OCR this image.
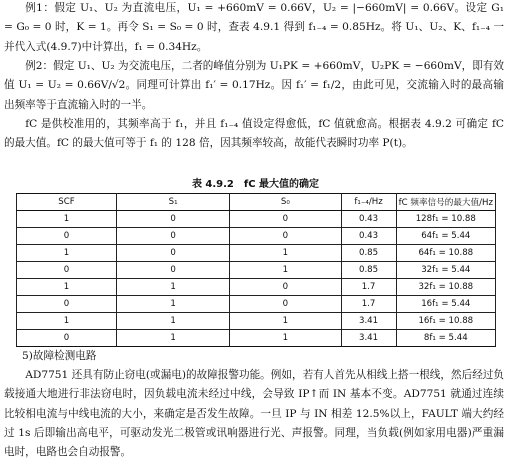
例1：假定 U₁、U₂ 为直流电压，U₁ = +660mV = 0.66V，U₂ = |−660mV| = 0.66V。设定 G₁ = G₀ = 0 时，K = 1。再令 S₁ = S₀ = 0 时，查表 4.9.1 得到 f₁₋₄ = 0.85Hz。将 U₁、U₂、K、f₁₋₄ 一并代入式(4.9.7)中计算出，f₁ = 0.34Hz。

例2：假定 U₁、U₂ 为交流电压，二者的峰值分别为 U₁PK = +660mV，U₂PK = −660mV，即有效值 U₁ = U₂ = 0.66V/√2。同理可计算出 f₁′ = 0.17Hz。因 f₁′ = f₁/2，由此可见，交流输入时的最高输出频率等于直流输入时的一半。

fC 是供校准用的，其频率高于 f₁，并且 f₁₋₄ 值设定得愈低，fC 值就愈高。根据表 4.9.2 可确定 fC 的最大值。fC 的最大值可等于 f₁ 的 128 倍，因其频率较高，故能代表瞬时功率 P(t)。

表 4.9.2　fC 最大值的确定
SCF	S₁	S₀	f₁₋₄/Hz	fC 频率信号的最大值/Hz
1	0	0	0.43	128f₁ = 10.88
0	0	0	0.43	64f₁ = 5.44
1	0	1	0.85	64f₁ = 10.88
0	0	1	0.85	32f₁ = 5.44
1	1	0	1.7	32f₁ = 10.88
0	1	0	1.7	16f₁ = 5.44
1	1	1	3.41	16f₁ = 10.88
0	1	1	3.41	8f₁ = 5.44
5)故障检测电路

AD7751 还具有防止窃电(或漏电)的故障报警功能。例如，若有人首先从相线上搭一根线，然后经过负载接通大地进行非法窃电时，因负载电流未经过中线，会导致 IP↑而 IN 基本不变。AD7751 就通过连续比较相电流与中线电流的大小，来确定是否发生故障。一旦 IP 与 IN 相差 12.5%以上，FAULT 端大约经过 1s 后即输出高电平，可驱动发光二极管或讯响器进行光、声报警。同理，当负载(例如家用电器)严重漏电时，电路也会自动报警。
